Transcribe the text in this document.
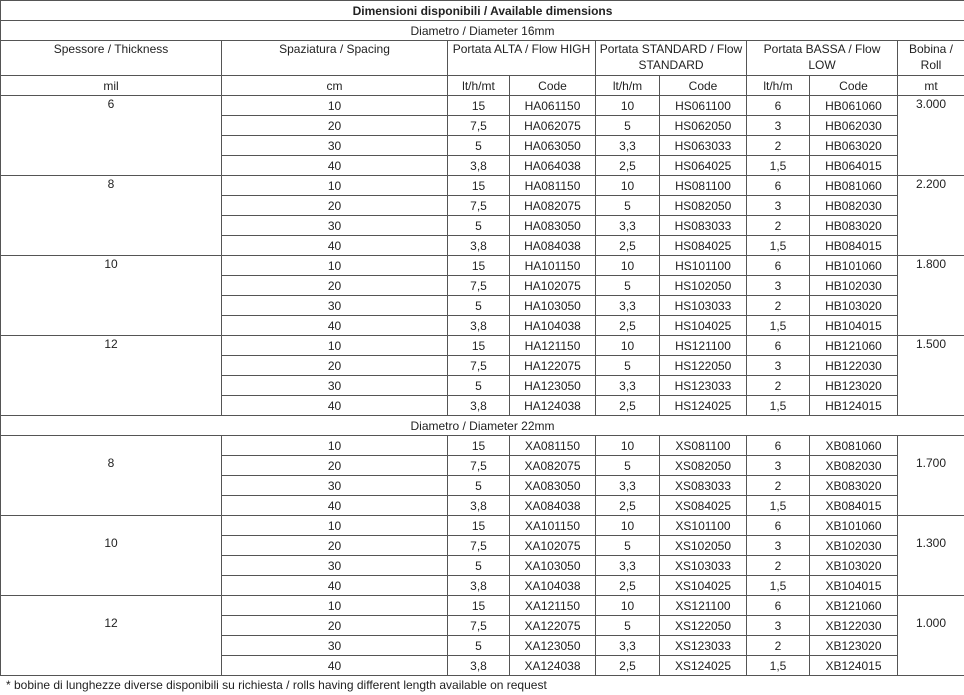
Dimensioni disponibili / Available dimensions								
Diametro / Diameter 16mm								
Spessore / Thickness	Spaziatura / Spacing	Portata ALTA / Flow HIGH		Portata STANDARD / Flow STANDARD		Portata BASSA / Flow LOW		Bobina / Roll
mil	cm	lt/h/mt	Code	lt/h/m	Code	lt/h/m	Code	mt
6	10	15	HA061150	10	HS061100	6	HB061060	3.000
	20	7,5	HA062075	5	HS062050	3	HB062030	
	30	5	HA063050	3,3	HS063033	2	HB063020	
	40	3,8	HA064038	2,5	HS064025	1,5	HB064015	
8	10	15	HA081150	10	HS081100	6	HB081060	2.200
	20	7,5	HA082075	5	HS082050	3	HB082030	
	30	5	HA083050	3,3	HS083033	2	HB083020	
	40	3,8	HA084038	2,5	HS084025	1,5	HB084015	
10	10	15	HA101150	10	HS101100	6	HB101060	1.800
	20	7,5	HA102075	5	HS102050	3	HB102030	
	30	5	HA103050	3,3	HS103033	2	HB103020	
	40	3,8	HA104038	2,5	HS104025	1,5	HB104015	
12	10	15	HA121150	10	HS121100	6	HB121060	1.500
	20	7,5	HA122075	5	HS122050	3	HB122030	
	30	5	HA123050	3,3	HS123033	2	HB123020	
	40	3,8	HA124038	2,5	HS124025	1,5	HB124015	
Diametro / Diameter 22mm								
8	10	15	XA081150	10	XS081100	6	XB081060	1.700
	20	7,5	XA082075	5	XS082050	3	XB082030	
	30	5	XA083050	3,3	XS083033	2	XB083020	
	40	3,8	XA084038	2,5	XS084025	1,5	XB084015	
10	10	15	XA101150	10	XS101100	6	XB101060	1.300
	20	7,5	XA102075	5	XS102050	3	XB102030	
	30	5	XA103050	3,3	XS103033	2	XB103020	
	40	3,8	XA104038	2,5	XS104025	1,5	XB104015	
12	10	15	XA121150	10	XS121100	6	XB121060	1.000
	20	7,5	XA122075	5	XS122050	3	XB122030	
	30	5	XA123050	3,3	XS123033	2	XB123020	
	40	3,8	XA124038	2,5	XS124025	1,5	XB124015	
* bobine di lunghezze diverse disponibili su richiesta / rolls having different length available on request
